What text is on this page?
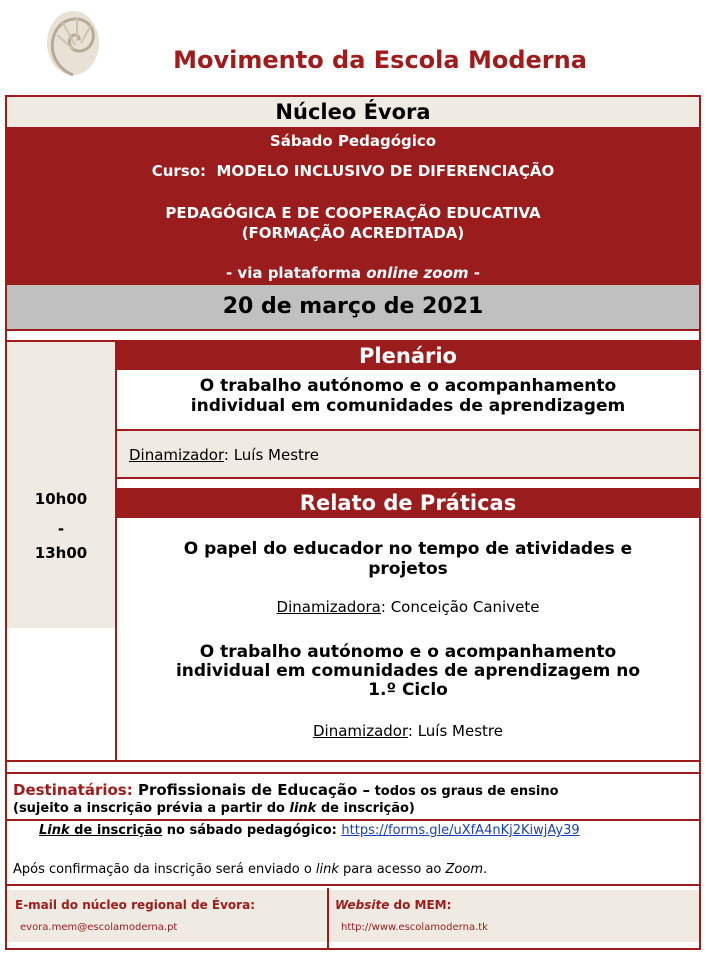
Movimento da Escola Moderna
Núcleo Évora
Sábado Pedagógico
Curso: MODELO INCLUSIVO DE DIFERENCIAÇÃO
PEDAGÓGICA E DE COOPERAÇÃO EDUCATIVA
(FORMAÇÃO ACREDITADA)
- via plataforma online zoom -
20 de março de 2021
10h00
-
13h00
Plenário
O trabalho autónomo e o acompanhamento
individual em comunidades de aprendizagem
Dinamizador: Luís Mestre
Relato de Práticas
O papel do educador no tempo de atividades e
projetos
Dinamizadora: Conceição Canivete
O trabalho autónomo e o acompanhamento
individual em comunidades de aprendizagem no
1.º Ciclo
Dinamizador: Luís Mestre
Destinatários: Profissionais de Educação – todos os graus de ensino
(sujeito a inscrição prévia a partir do link de inscrição)
Link de inscrição no sábado pedagógico: https://forms.gle/uXfA4nKj2KiwjAy39
Após confirmação da inscrição será enviado o link para acesso ao Zoom.
E-mail do núcleo regional de Évora:
evora.mem@escolamoderna.pt
Website do MEM:
http://www.escolamoderna.tk
